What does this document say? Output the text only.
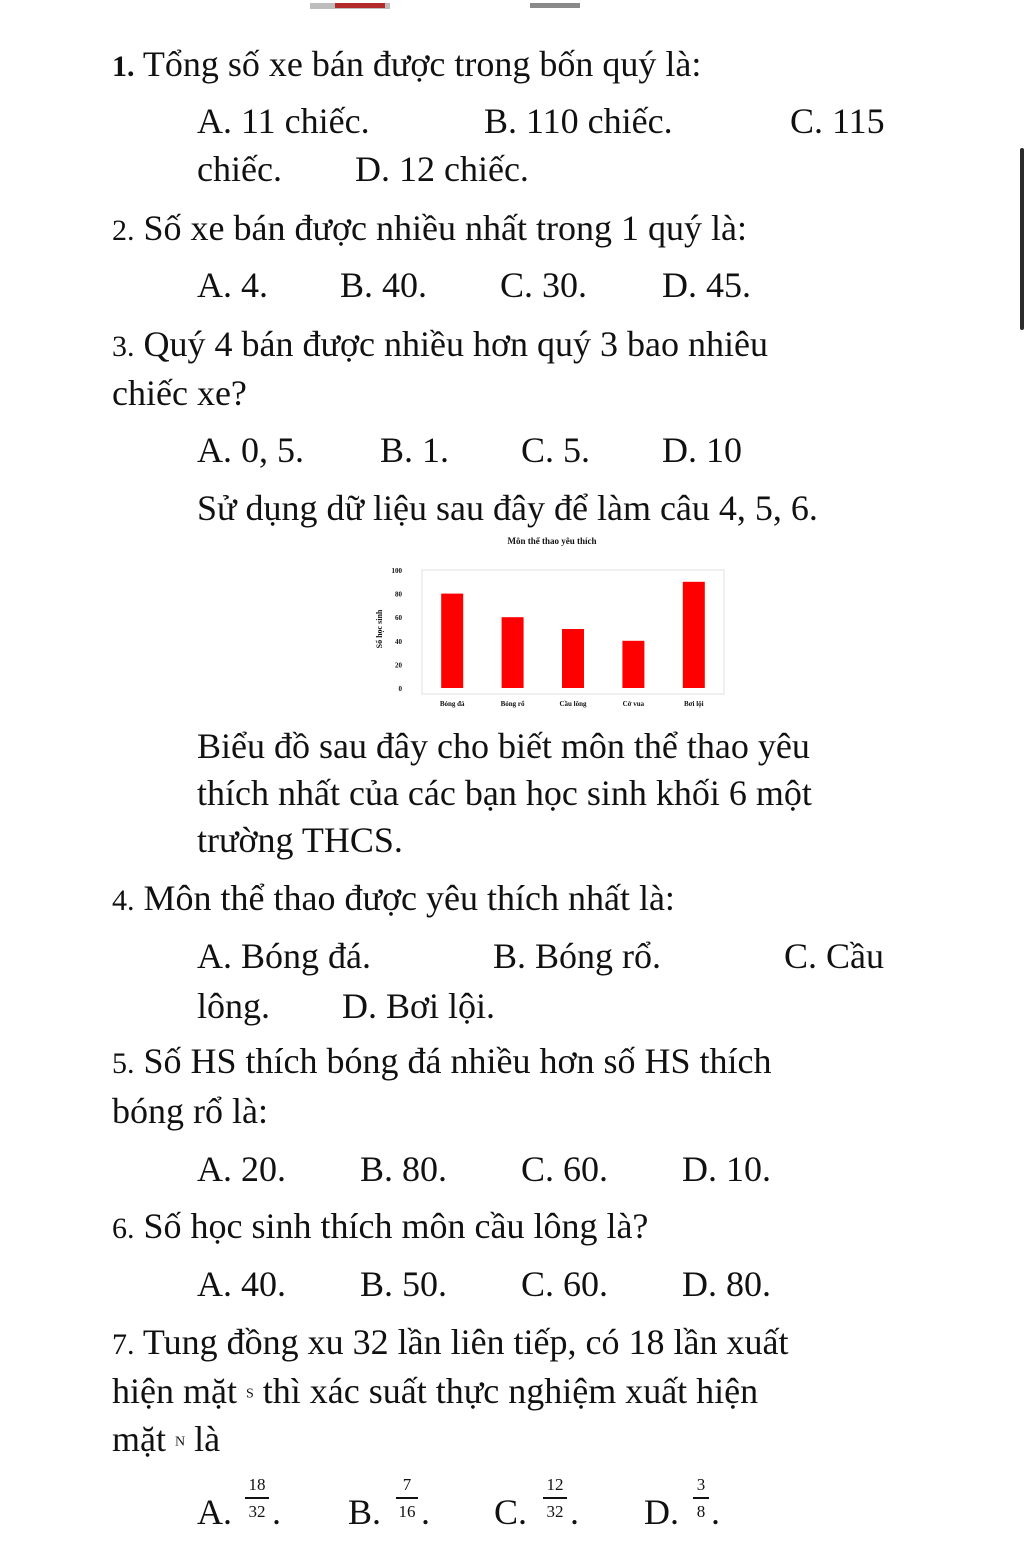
1. Tổng số xe bán được trong bốn quý là:
A. 11 chiếc.	B. 110 chiếc.	C. 115
chiếc. D. 12 chiếc.
2. Số xe bán được nhiều nhất trong 1 quý là:
A. 4. B. 40. C. 30. D. 45.
3. Quý 4 bán được nhiều hơn quý 3 bao nhiêu
chiếc xe?
A. 0, 5. B. 1. C. 5. D. 10
Sử dụng dữ liệu sau đây để làm câu 4, 5, 6.
Môn thể thao yêu thích
Số học sinh
0
20
40
60
80
100
Bóng đá	Bóng rổ	Cầu lông	Cờ vua	Bơi lội
Biểu đồ sau đây cho biết môn thể thao yêu
thích nhất của các bạn học sinh khối 6 một
trường THCS.
4. Môn thể thao được yêu thích nhất là:
A. Bóng đá.	B. Bóng rổ.	C. Cầu
lông. D. Bơi lội.
5. Số HS thích bóng đá nhiều hơn số HS thích
bóng rổ là:
A. 20. B. 80. C. 60. D. 10.
6. Số học sinh thích môn cầu lông là?
A. 40. B. 50. C. 60. D. 80.
7. Tung đồng xu 32 lần liên tiếp, có 18 lần xuất
hiện mặt S thì xác suất thực nghiệm xuất hiện
mặt N là
A.
18
32 . B.
7
16 . C.
12
32 . D.
3
8 .
